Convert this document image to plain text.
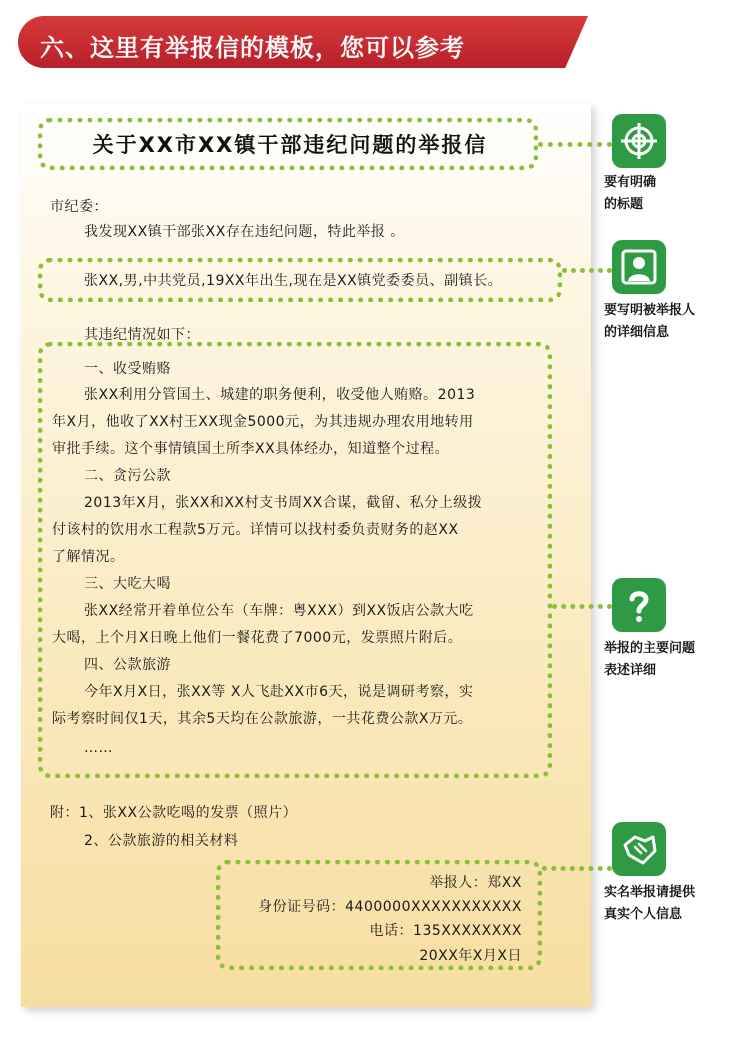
六、这里有举报信的模板，您可以参考
关于XX市XX镇干部违纪问题的举报信
市纪委：
我发现XX镇干部张XX存在违纪问题，特此举报 。
张XX,男,中共党员,19XX年出生,现在是XX镇党委委员、副镇长。
其违纪情况如下：
一、收受贿赂
张XX利用分管国土、城建的职务便利，收受他人贿赂。2013
年X月，他收了XX村王XX现金5000元，为其违规办理农用地转用
审批手续。这个事情镇国土所李XX具体经办，知道整个过程。
二、贪污公款
2013年X月，张XX和XX村支书周XX合谋，截留、私分上级拨
付该村的饮用水工程款5万元。详情可以找村委负责财务的赵XX
了解情况。
三、大吃大喝
张XX经常开着单位公车（车牌：粤XXX）到XX饭店公款大吃
大喝，上个月X日晚上他们一餐花费了7000元，发票照片附后。
四、公款旅游
今年X月X日，张XX等 X人飞赴XX市6天，说是调研考察，实
际考察时间仅1天，其余5天均在公款旅游，一共花费公款X万元。
……
附：1、张XX公款吃喝的发票（照片）
2、公款旅游的相关材料
举报人：郑XX
身份证号码：4400000XXXXXXXXXXX
电话：135XXXXXXXX
20XX年X月X日
要有明确
的标题
要写明被举报人
的详细信息
举报的主要问题
表述详细
实名举报请提供
真实个人信息
